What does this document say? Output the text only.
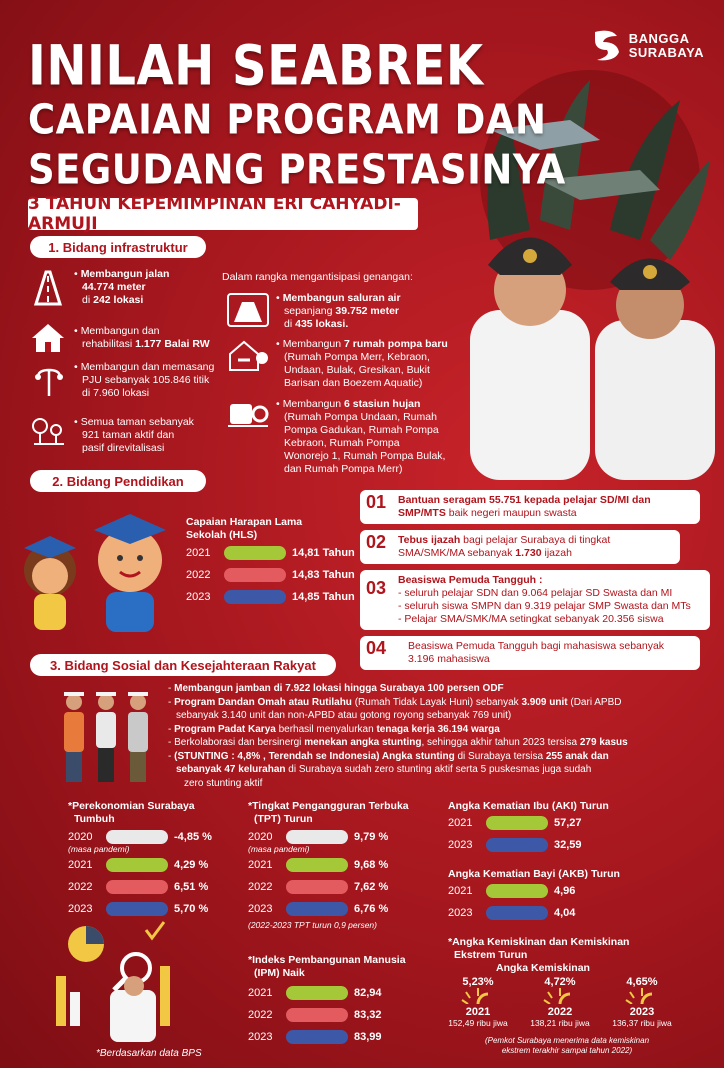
BANGGA
SURABAYA
INILAH SEABREK
CAPAIAN PROGRAM DAN
SEGUDANG PRESTASINYA
3 TAHUN KEPEMIMPINAN ERI CAHYADI-ARMUJI
1. Bidang infrastruktur
• Membangun jalan
44.774 meter
di 242 lokasi
• Membangun dan
rehabilitasi 1.177 Balai RW
• Membangun dan memasang
PJU sebanyak 105.846 titik
di 7.960 lokasi
• Semua taman sebanyak
921 taman aktif dan
pasif direvitalisasi
Dalam rangka mengantisipasi genangan:
• Membangun saluran air
sepanjang 39.752 meter
di 435 lokasi.
• Membangun 7 rumah pompa baru
(Rumah Pompa Merr, Kebraon,
Undaan, Bulak, Gresikan, Bukit
Barisan dan Boezem Aquatic)
• Membangun 6 stasiun hujan
(Rumah Pompa Undaan, Rumah
Pompa Gadukan, Rumah Pompa
Kebraon, Rumah Pompa
Wonorejo 1, Rumah Pompa Bulak,
dan Rumah Pompa Merr)
2. Bidang Pendidikan
Capaian Harapan Lama Sekolah (HLS)
2021	14,81 Tahun
2022	14,83 Tahun
2023	14,85 Tahun
01 Bantuan seragam 55.751 kepada pelajar SD/MI dan
SMP/MTS baik negeri maupun swasta
02 Tebus ijazah bagi pelajar Surabaya di tingkat
SMA/SMK/MA sebanyak 1.730 ijazah
03 Beasiswa Pemuda Tangguh :
- seluruh pelajar SDN dan 9.064 pelajar SD Swasta dan MI
- seluruh siswa SMPN dan 9.319 pelajar SMP Swasta dan MTs
- Pelajar SMA/SMK/MA setingkat sebanyak 20.356 siswa
04 Beasiswa Pemuda Tangguh bagi mahasiswa sebanyak
3.196 mahasiswa
3. Bidang Sosial dan Kesejahteraan Rakyat
- Membangun jamban di 7.922 lokasi hingga Surabaya 100 persen ODF
- Program Dandan Omah atau Rutilahu (Rumah Tidak Layak Huni) sebanyak 3.909 unit (Dari APBD
sebanyak 3.140 unit dan non-APBD atau gotong royong sebanyak 769 unit)
- Program Padat Karya berhasil menyalurkan tenaga kerja 36.194 warga
- Berkolaborasi dan bersinergi menekan angka stunting, sehingga akhir tahun 2023 tersisa 279 kasus
- (STUNTING : 4,8% , Terendah se Indonesia) Angka stunting di Surabaya tersisa 255 anak dan
sebanyak 47 kelurahan di Surabaya sudah zero stunting aktif serta 5 puskesmas juga sudah
zero stunting aktif
*Perekonomian Surabaya
Tumbuh
2020	-4,85 %
(masa pandemi)
2021	4,29 %
2022	6,51 %
2023	5,70 %
*Tingkat Pengangguran Terbuka
(TPT) Turun
2020	9,79 %
(masa pandemi)
2021	9,68 %
2022	7,62 %
2023	6,76 %
(2022-2023 TPT turun 0,9 persen)
*Indeks Pembangunan Manusia
(IPM) Naik
2021	82,94
2022	83,32
2023	83,99
Angka Kematian Ibu (AKI) Turun
2021	57,27
2023	32,59
Angka Kematian Bayi (AKB) Turun
2021	4,96
2023	4,04
*Angka Kemiskinan dan Kemiskinan
Ekstrem Turun
Angka Kemiskinan
5,23%
2021
152,49 ribu jiwa
4,72%
2022
138,21 ribu jiwa
4,65%
2023
136,37 ribu jiwa
(Pemkot Surabaya menerima data kemiskinan
ekstrem terakhir sampai tahun 2022)
*Berdasarkan data BPS
